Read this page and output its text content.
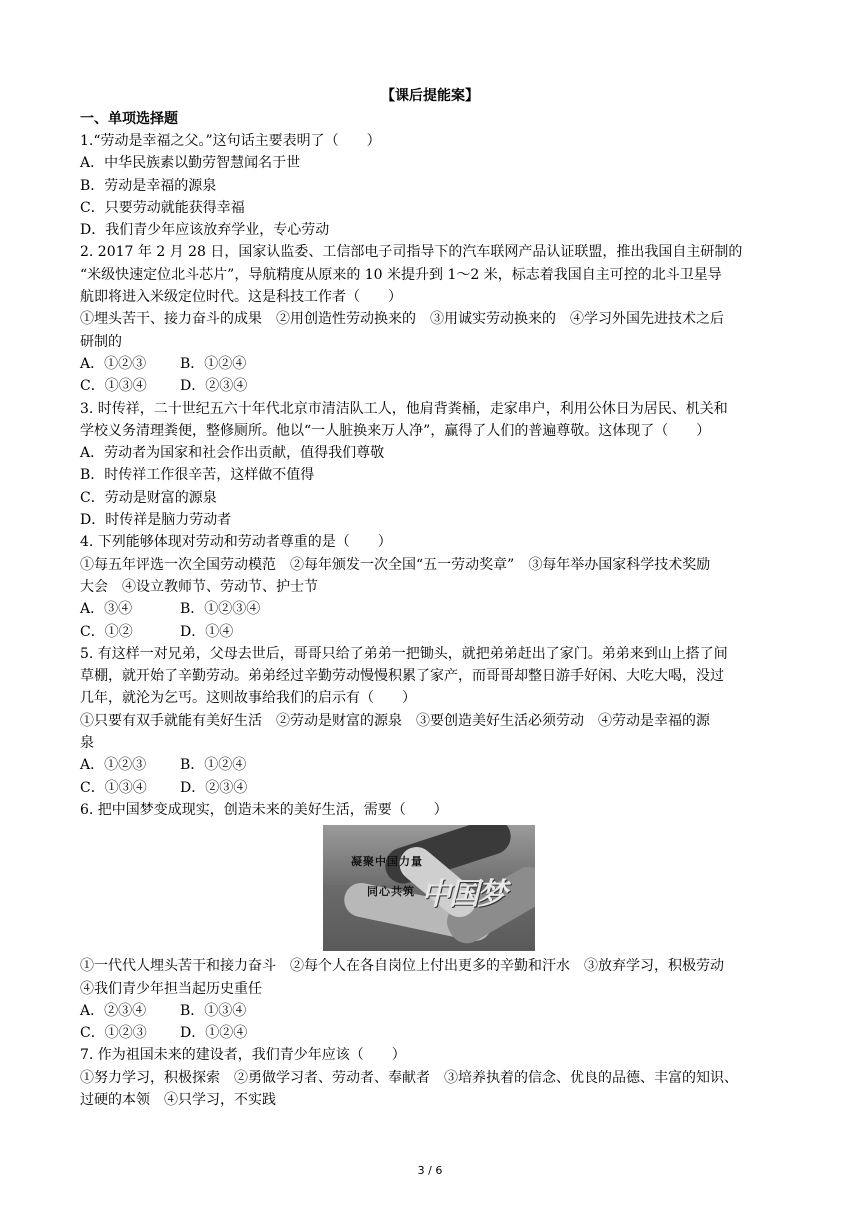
【课后提能案】
一、单项选择题
1.“劳动是幸福之父。”这句话主要表明了（　　）
A．中华民族素以勤劳智慧闻名于世
B．劳动是幸福的源泉
C．只要劳动就能获得幸福
D．我们青少年应该放弃学业，专心劳动
2. 2017 年 2 月 28 日，国家认监委、工信部电子司指导下的汽车联网产品认证联盟，推出我国自主研制的
“米级快速定位北斗芯片”，导航精度从原来的 10 米提升到 1～2 米，标志着我国自主可控的北斗卫星导
航即将进入米级定位时代。这是科技工作者（　　）
①埋头苦干、接力奋斗的成果　②用创造性劳动换来的　③用诚实劳动换来的　④学习外国先进技术之后
研制的
A．①②③	B．①②④
C．①③④	D．②③④
3. 时传祥，二十世纪五六十年代北京市清洁队工人，他肩背粪桶，走家串户，利用公休日为居民、机关和
学校义务清理粪便，整修厕所。他以“一人脏换来万人净”，赢得了人们的普遍尊敬。这体现了（　　）
A．劳动者为国家和社会作出贡献，值得我们尊敬
B．时传祥工作很辛苦，这样做不值得
C．劳动是财富的源泉
D．时传祥是脑力劳动者
4. 下列能够体现对劳动和劳动者尊重的是（　　）
①每五年评选一次全国劳动模范　②每年颁发一次全国“五一劳动奖章”　③每年举办国家科学技术奖励
大会　④设立教师节、劳动节、护士节
A．③④	B．①②③④
C．①②	D．①④
5. 有这样一对兄弟，父母去世后，哥哥只给了弟弟一把锄头，就把弟弟赶出了家门。弟弟来到山上搭了间
草棚，就开始了辛勤劳动。弟弟经过辛勤劳动慢慢积累了家产，而哥哥却整日游手好闲、大吃大喝，没过
几年，就沦为乞丐。这则故事给我们的启示有（　　）
①只要有双手就能有美好生活　②劳动是财富的源泉　③要创造美好生活必须劳动　④劳动是幸福的源
泉
A．①②③	B．①②④
C．①③④	D．②③④
6. 把中国梦变成现实，创造未来的美好生活，需要（　　）
凝聚中国力量
同心共筑 中国梦
①一代代人埋头苦干和接力奋斗　②每个人在各自岗位上付出更多的辛勤和汗水　③放弃学习，积极劳动
④我们青少年担当起历史重任
A．②③④	B．①③④
C．①②③	D．①②④
7. 作为祖国未来的建设者，我们青少年应该（　　）
①努力学习，积极探索　②勇做学习者、劳动者、奉献者　③培养执着的信念、优良的品德、丰富的知识、
过硬的本领　④只学习，不实践
3 / 6
